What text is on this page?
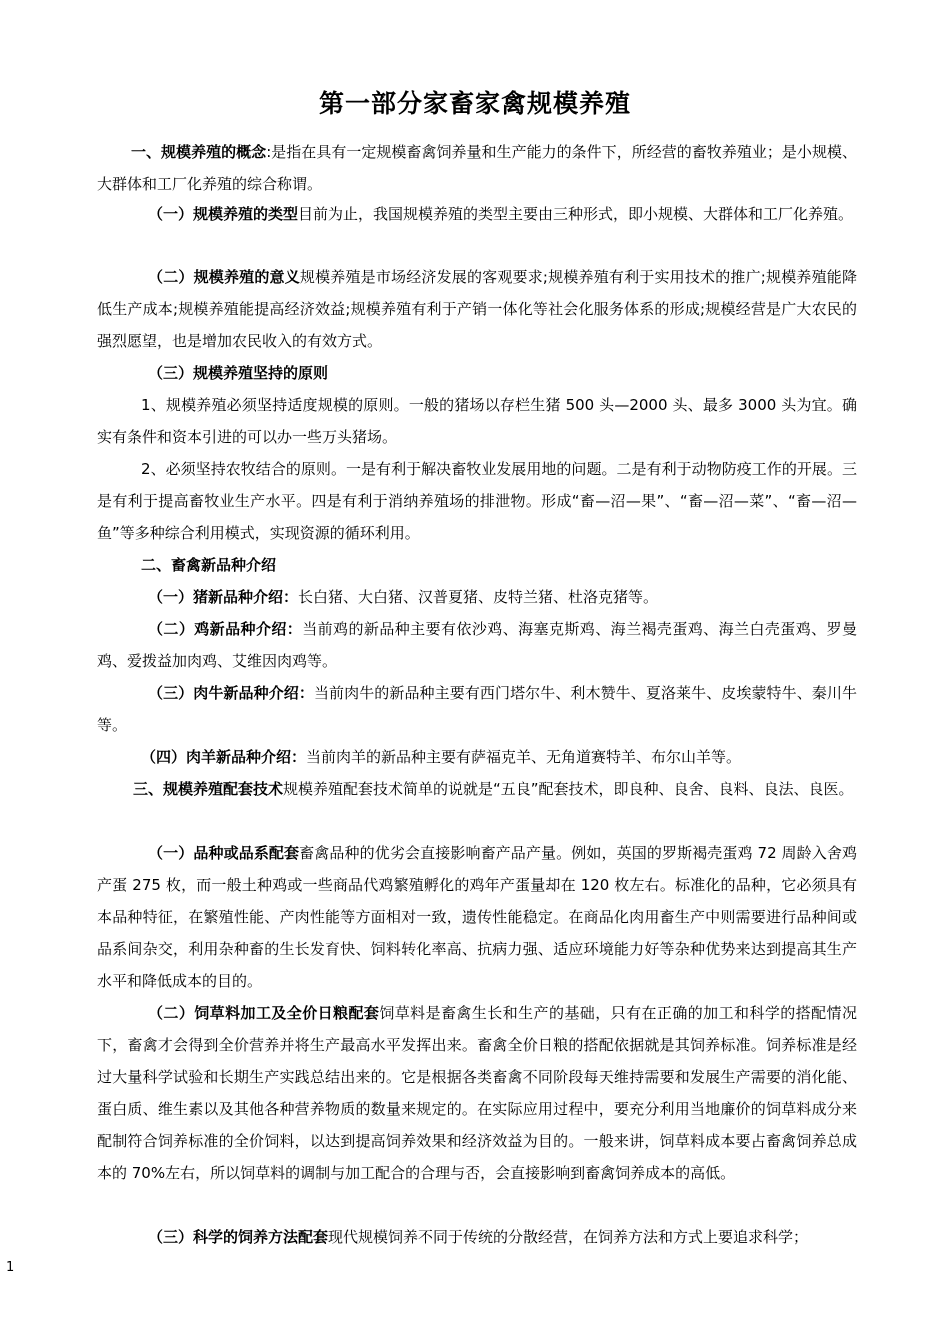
第一部分家畜家禽规模养殖
一、规模养殖的概念:是指在具有一定规模畜禽饲养量和生产能力的条件下，所经营的畜牧养殖业；是小规模、大群体和工厂化养殖的综合称谓。
（一）规模养殖的类型目前为止，我国规模养殖的类型主要由三种形式，即小规模、大群体和工厂化养殖。
（二）规模养殖的意义规模养殖是市场经济发展的客观要求;规模养殖有利于实用技术的推广;规模养殖能降低生产成本;规模养殖能提高经济效益;规模养殖有利于产销一体化等社会化服务体系的形成;规模经营是广大农民的强烈愿望，也是增加农民收入的有效方式。
（三）规模养殖坚持的原则
1、规模养殖必须坚持适度规模的原则。一般的猪场以存栏生猪 500 头—2000 头、最多 3000 头为宜。确实有条件和资本引进的可以办一些万头猪场。
2、必须坚持农牧结合的原则。一是有利于解决畜牧业发展用地的问题。二是有利于动物防疫工作的开展。三是有利于提高畜牧业生产水平。四是有利于消纳养殖场的排泄物。形成“畜—沼—果”、“畜—沼—菜”、“畜—沼—鱼”等多种综合利用模式，实现资源的循环利用。
二、畜禽新品种介绍
（一）猪新品种介绍：长白猪、大白猪、汉普夏猪、皮特兰猪、杜洛克猪等。
（二）鸡新品种介绍：当前鸡的新品种主要有依沙鸡、海塞克斯鸡、海兰褐壳蛋鸡、海兰白壳蛋鸡、罗曼鸡、爱拨益加肉鸡、艾维因肉鸡等。
（三）肉牛新品种介绍：当前肉牛的新品种主要有西门塔尔牛、利木赞牛、夏洛莱牛、皮埃蒙特牛、秦川牛等。
（四）肉羊新品种介绍：当前肉羊的新品种主要有萨福克羊、无角道赛特羊、布尔山羊等。
三、规模养殖配套技术规模养殖配套技术简单的说就是“五良”配套技术，即良种、良舍、良料、良法、良医。
（一）品种或品系配套畜禽品种的优劣会直接影响畜产品产量。例如，英国的罗斯褐壳蛋鸡 72 周龄入舍鸡产蛋 275 枚，而一般土种鸡或一些商品代鸡繁殖孵化的鸡年产蛋量却在 120 枚左右。标准化的品种，它必须具有本品种特征，在繁殖性能、产肉性能等方面相对一致，遗传性能稳定。在商品化肉用畜生产中则需要进行品种间或品系间杂交，利用杂种畜的生长发育快、饲料转化率高、抗病力强、适应环境能力好等杂种优势来达到提高其生产水平和降低成本的目的。
（二）饲草料加工及全价日粮配套饲草料是畜禽生长和生产的基础，只有在正确的加工和科学的搭配情况下，畜禽才会得到全价营养并将生产最高水平发挥出来。畜禽全价日粮的搭配依据就是其饲养标准。饲养标准是经过大量科学试验和长期生产实践总结出来的。它是根据各类畜禽不同阶段每天维持需要和发展生产需要的消化能、蛋白质、维生素以及其他各种营养物质的数量来规定的。在实际应用过程中，要充分利用当地廉价的饲草料成分来配制符合饲养标准的全价饲料，以达到提高饲养效果和经济效益为目的。一般来讲，饲草料成本要占畜禽饲养总成本的 70%左右，所以饲草料的调制与加工配合的合理与否，会直接影响到畜禽饲养成本的高低。
（三）科学的饲养方法配套现代规模饲养不同于传统的分散经营，在饲养方法和方式上要追求科学；
1
